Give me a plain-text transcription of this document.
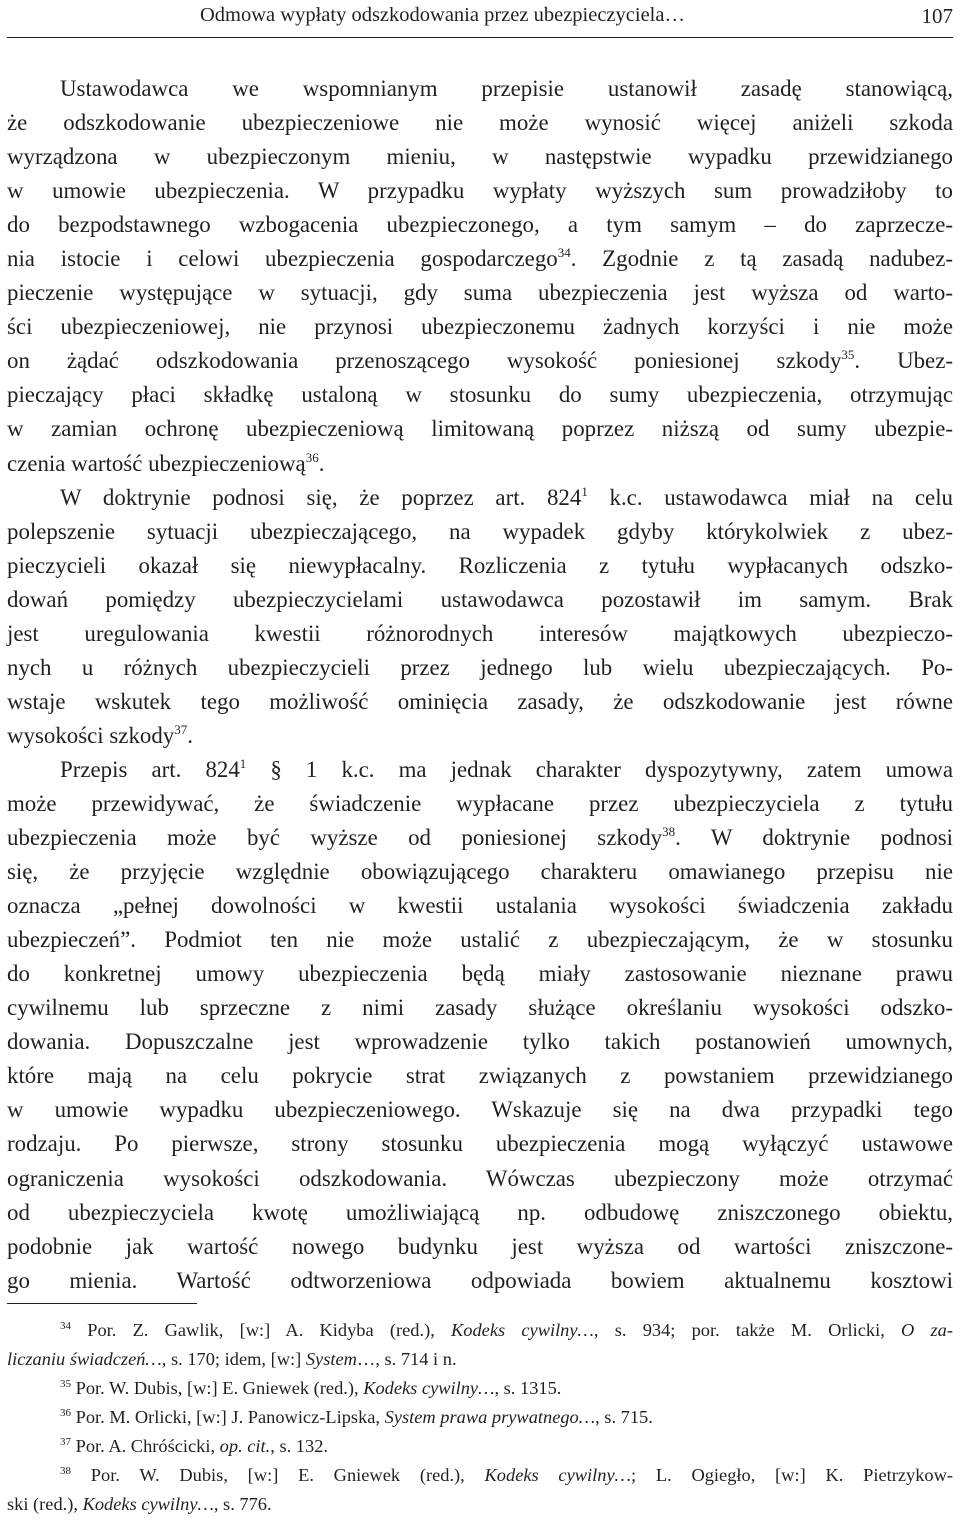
Odmowa wypłaty odszkodowania przez ubezpieczyciela…	107
Ustawodawca we wspomnianym przepisie ustanowił zasadę stanowiącą,
że odszkodowanie ubezpieczeniowe nie może wynosić więcej aniżeli szkoda
wyrządzona w ubezpieczonym mieniu, w następstwie wypadku przewidzianego
w umowie ubezpieczenia. W przypadku wypłaty wyższych sum prowadziłoby to
do bezpodstawnego wzbogacenia ubezpieczonego, a tym samym – do zaprzecze-
nia istocie i celowi ubezpieczenia gospodarczego$^{34}$. Zgodnie z tą zasadą nadubez-
pieczenie występujące w sytuacji, gdy suma ubezpieczenia jest wyższa od warto-
ści ubezpieczeniowej, nie przynosi ubezpieczonemu żadnych korzyści i nie może
on żądać odszkodowania przenoszącego wysokość poniesionej szkody$^{35}$. Ubez-
pieczający płaci składkę ustaloną w stosunku do sumy ubezpieczenia, otrzymując
w zamian ochronę ubezpieczeniową limitowaną poprzez niższą od sumy ubezpie-
czenia wartość ubezpieczeniową$^{36}$.
W doktrynie podnosi się, że poprzez art. $824^1$ k.c. ustawodawca miał na celu
polepszenie sytuacji ubezpieczającego, na wypadek gdyby którykolwiek z ubez-
pieczycieli okazał się niewypłacalny. Rozliczenia z tytułu wypłacanych odszko-
dowań pomiędzy ubezpieczycielami ustawodawca pozostawił im samym. Brak
jest uregulowania kwestii różnorodnych interesów majątkowych ubezpieczo-
nych u różnych ubezpieczycieli przez jednego lub wielu ubezpieczających. Po-
wstaje wskutek tego możliwość ominięcia zasady, że odszkodowanie jest równe
wysokości szkody$^{37}$.
Przepis art. $824^1$ § 1 k.c. ma jednak charakter dyspozytywny, zatem umowa
może przewidywać, że świadczenie wypłacane przez ubezpieczyciela z tytułu
ubezpieczenia może być wyższe od poniesionej szkody$^{38}$. W doktrynie podnosi
się, że przyjęcie względnie obowiązującego charakteru omawianego przepisu nie
oznacza „pełnej dowolności w kwestii ustalania wysokości świadczenia zakładu
ubezpieczeń”. Podmiot ten nie może ustalić z ubezpieczającym, że w stosunku
do konkretnej umowy ubezpieczenia będą miały zastosowanie nieznane prawu
cywilnemu lub sprzeczne z nimi zasady służące określaniu wysokości odszko-
dowania. Dopuszczalne jest wprowadzenie tylko takich postanowień umownych,
które mają na celu pokrycie strat związanych z powstaniem przewidzianego
w umowie wypadku ubezpieczeniowego. Wskazuje się na dwa przypadki tego
rodzaju. Po pierwsze, strony stosunku ubezpieczenia mogą wyłączyć ustawowe
ograniczenia wysokości odszkodowania. Wówczas ubezpieczony może otrzymać
od ubezpieczyciela kwotę umożliwiającą np. odbudowę zniszczonego obiektu,
podobnie jak wartość nowego budynku jest wyższa od wartości zniszczone-
go mienia. Wartość odtworzeniowa odpowiada bowiem aktualnemu kosztowi
$^{34}$ Por. Z. Gawlik, [w:] A. Kidyba (red.), Kodeks cywilny…, s. 934; por. także M. Orlicki, O za-
liczaniu świadczeń…, s. 170; idem, [w:] System…, s. 714 i n.
$^{35}$ Por. W. Dubis, [w:] E. Gniewek (red.), Kodeks cywilny…, s. 1315.
$^{36}$ Por. M. Orlicki, [w:] J. Panowicz-Lipska, System prawa prywatnego…, s. 715.
$^{37}$ Por. A. Chróścicki, op. cit., s. 132.
$^{38}$ Por. W. Dubis, [w:] E. Gniewek (red.), Kodeks cywilny…; L. Ogiegło, [w:] K. Pietrzykow-
ski (red.), Kodeks cywilny…, s. 776.
